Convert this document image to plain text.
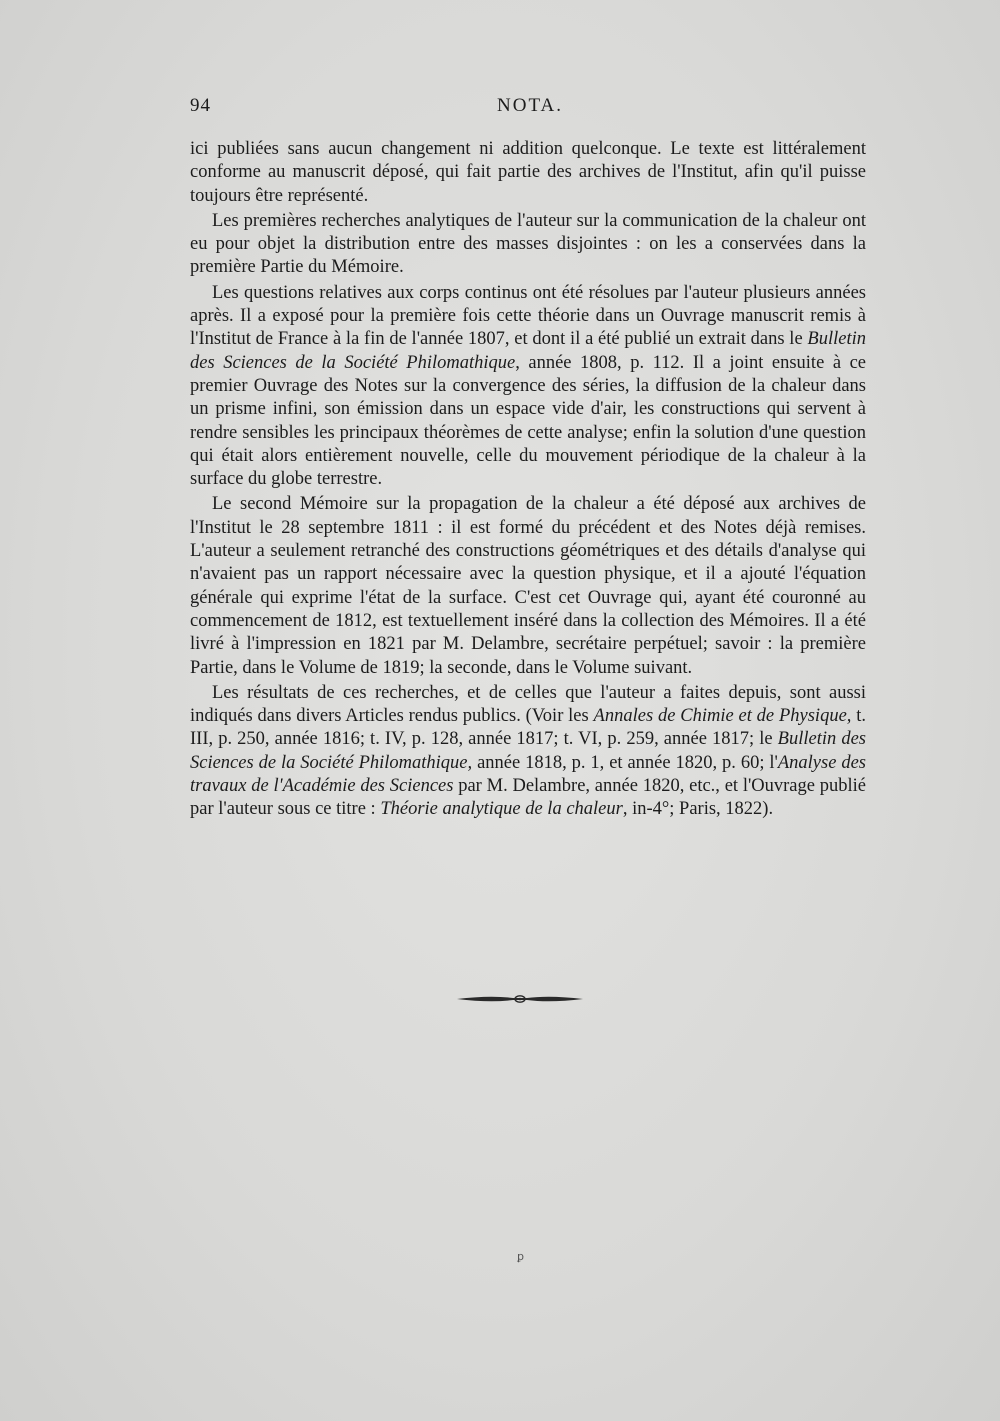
94	NOTA.

ici publiées sans aucun changement ni addition quelconque. Le texte est littéralement conforme au manuscrit déposé, qui fait partie des archives de l'Institut, afin qu'il puisse toujours être représenté.

Les premières recherches analytiques de l'auteur sur la communication de la chaleur ont eu pour objet la distribution entre des masses disjointes : on les a conservées dans la première Partie du Mémoire.

Les questions relatives aux corps continus ont été résolues par l'auteur plusieurs années après. Il a exposé pour la première fois cette théorie dans un Ouvrage manuscrit remis à l'Institut de France à la fin de l'année 1807, et dont il a été publié un extrait dans le Bulletin des Sciences de la Société Philomathique, année 1808, p. 112. Il a joint ensuite à ce premier Ouvrage des Notes sur la convergence des séries, la diffusion de la chaleur dans un prisme infini, son émission dans un espace vide d'air, les constructions qui servent à rendre sensibles les principaux théorèmes de cette analyse; enfin la solution d'une question qui était alors entièrement nouvelle, celle du mouvement périodique de la chaleur à la surface du globe terrestre.

Le second Mémoire sur la propagation de la chaleur a été déposé aux archives de l'Institut le 28 septembre 1811 : il est formé du précédent et des Notes déjà remises. L'auteur a seulement retranché des constructions géométriques et des détails d'analyse qui n'avaient pas un rapport nécessaire avec la question physique, et il a ajouté l'équation générale qui exprime l'état de la surface. C'est cet Ouvrage qui, ayant été couronné au commencement de 1812, est textuellement inséré dans la collection des Mémoires. Il a été livré à l'impression en 1821 par M. Delambre, secrétaire perpétuel; savoir : la première Partie, dans le Volume de 1819; la seconde, dans le Volume suivant.

Les résultats de ces recherches, et de celles que l'auteur a faites depuis, sont aussi indiqués dans divers Articles rendus publics. (Voir les Annales de Chimie et de Physique, t. III, p. 250, année 1816; t. IV, p. 128, année 1817; t. VI, p. 259, année 1817; le Bulletin des Sciences de la Société Philomathique, année 1818, p. 1, et année 1820, p. 60; l'Analyse des travaux de l'Académie des Sciences par M. Delambre, année 1820, etc., et l'Ouvrage publié par l'auteur sous ce titre : Théorie analytique de la chaleur, in-4°; Paris, 1822).

ꝑ
